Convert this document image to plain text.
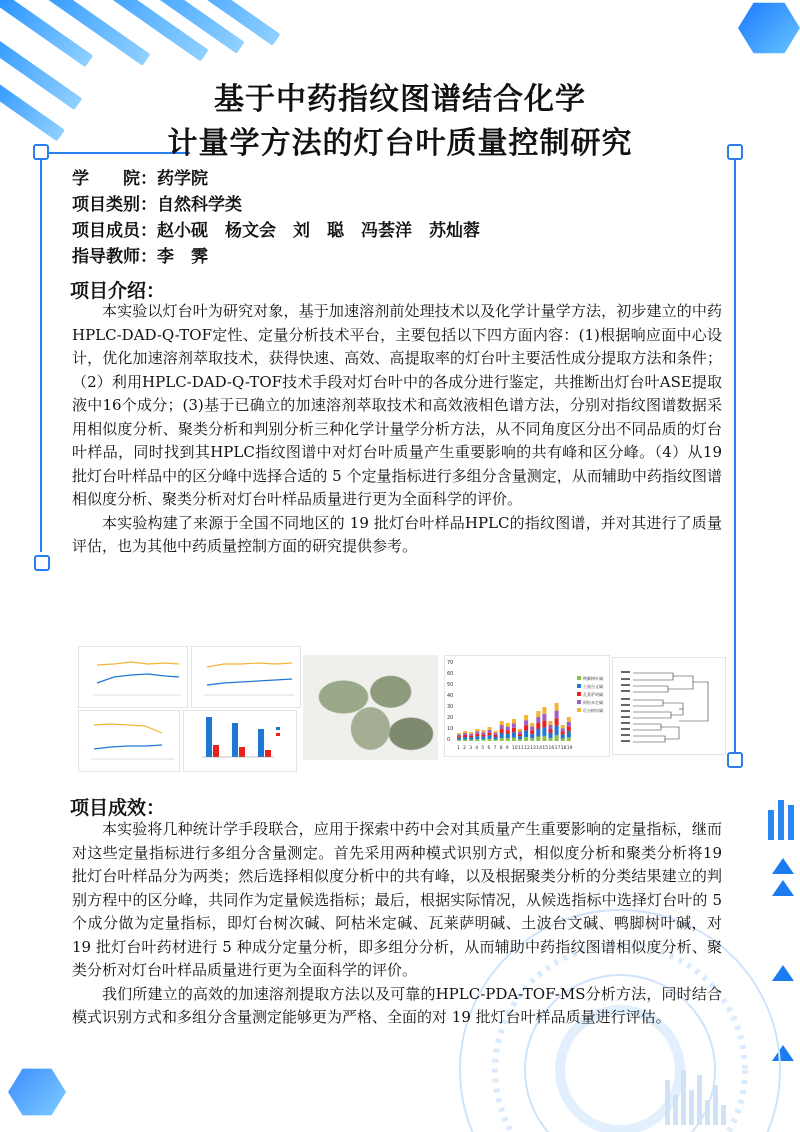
基于中药指纹图谱结合化学
计量学方法的灯台叶质量控制研究
学　　院：药学院
项目类别：自然科学类
项目成员：赵小砚　杨文会　刘　聪　冯荟洋　苏灿蓉
指导教师：李　霁
项目介绍：

本实验以灯台叶为研究对象，基于加速溶剂前处理技术以及化学计量学方法，初步建立的中药HPLC-DAD-Q-TOF定性、定量分析技术平台，主要包括以下四方面内容：(1)根据响应面中心设计，优化加速溶剂萃取技术，获得快速、高效、高提取率的灯台叶主要活性成分提取方法和条件；（2）利用HPLC-DAD-Q-TOF技术手段对灯台叶中的各成分进行鉴定，共推断出灯台叶ASE提取液中16个成分；(3)基于已确立的加速溶剂萃取技术和高效液相色谱方法，分别对指纹图谱数据采用相似度分析、聚类分析和判别分析三种化学计量学分析方法，从不同角度区分出不同品质的灯台叶样品，同时找到其HPLC指纹图谱中对灯台叶质量产生重要影响的共有峰和区分峰。（4）从19 批灯台叶样品中的区分峰中选择合适的 5 个定量指标进行多组分含量测定，从而辅助中药指纹图谱相似度分析、聚类分析对灯台叶样品质量进行更为全面科学的评价。

本实验构建了来源于全国不同地区的 19 批灯台叶样品HPLC的指纹图谱，并对其进行了质量评估，也为其他中药质量控制方面的研究提供参考。

70
60
50
40
30
20
10
0
1 2 3 4 5 6 7 8 9 10 11 12 13 14 15 16 17 18 19
鸭脚树叶碱
土波台文碱
瓦莱萨明碱
阿枯米定碱
灯台树次碱
项目成效：

本实验将几种统计学手段联合，应用于探索中药中会对其质量产生重要影响的定量指标，继而对这些定量指标进行多组分含量测定。首先采用两种模式识别方式，相似度分析和聚类分析将19 批灯台叶样品分为两类；然后选择相似度分析中的共有峰，以及根据聚类分析的分类结果建立的判别方程中的区分峰，共同作为定量候选指标；最后，根据实际情况，从候选指标中选择灯台叶的 5 个成分做为定量指标，即灯台树次碱、阿枯米定碱、瓦莱萨明碱、土波台文碱、鸭脚树叶碱，对 19 批灯台叶药材进行 5 种成分定量分析，即多组分分析，从而辅助中药指纹图谱相似度分析、聚类分析对灯台叶样品质量进行更为全面科学的评价。

我们所建立的高效的加速溶剂提取方法以及可靠的HPLC-PDA-TOF-MS分析方法，同时结合模式识别方式和多组分含量测定能够更为严格、全面的对 19 批灯台叶样品质量进行评估。
